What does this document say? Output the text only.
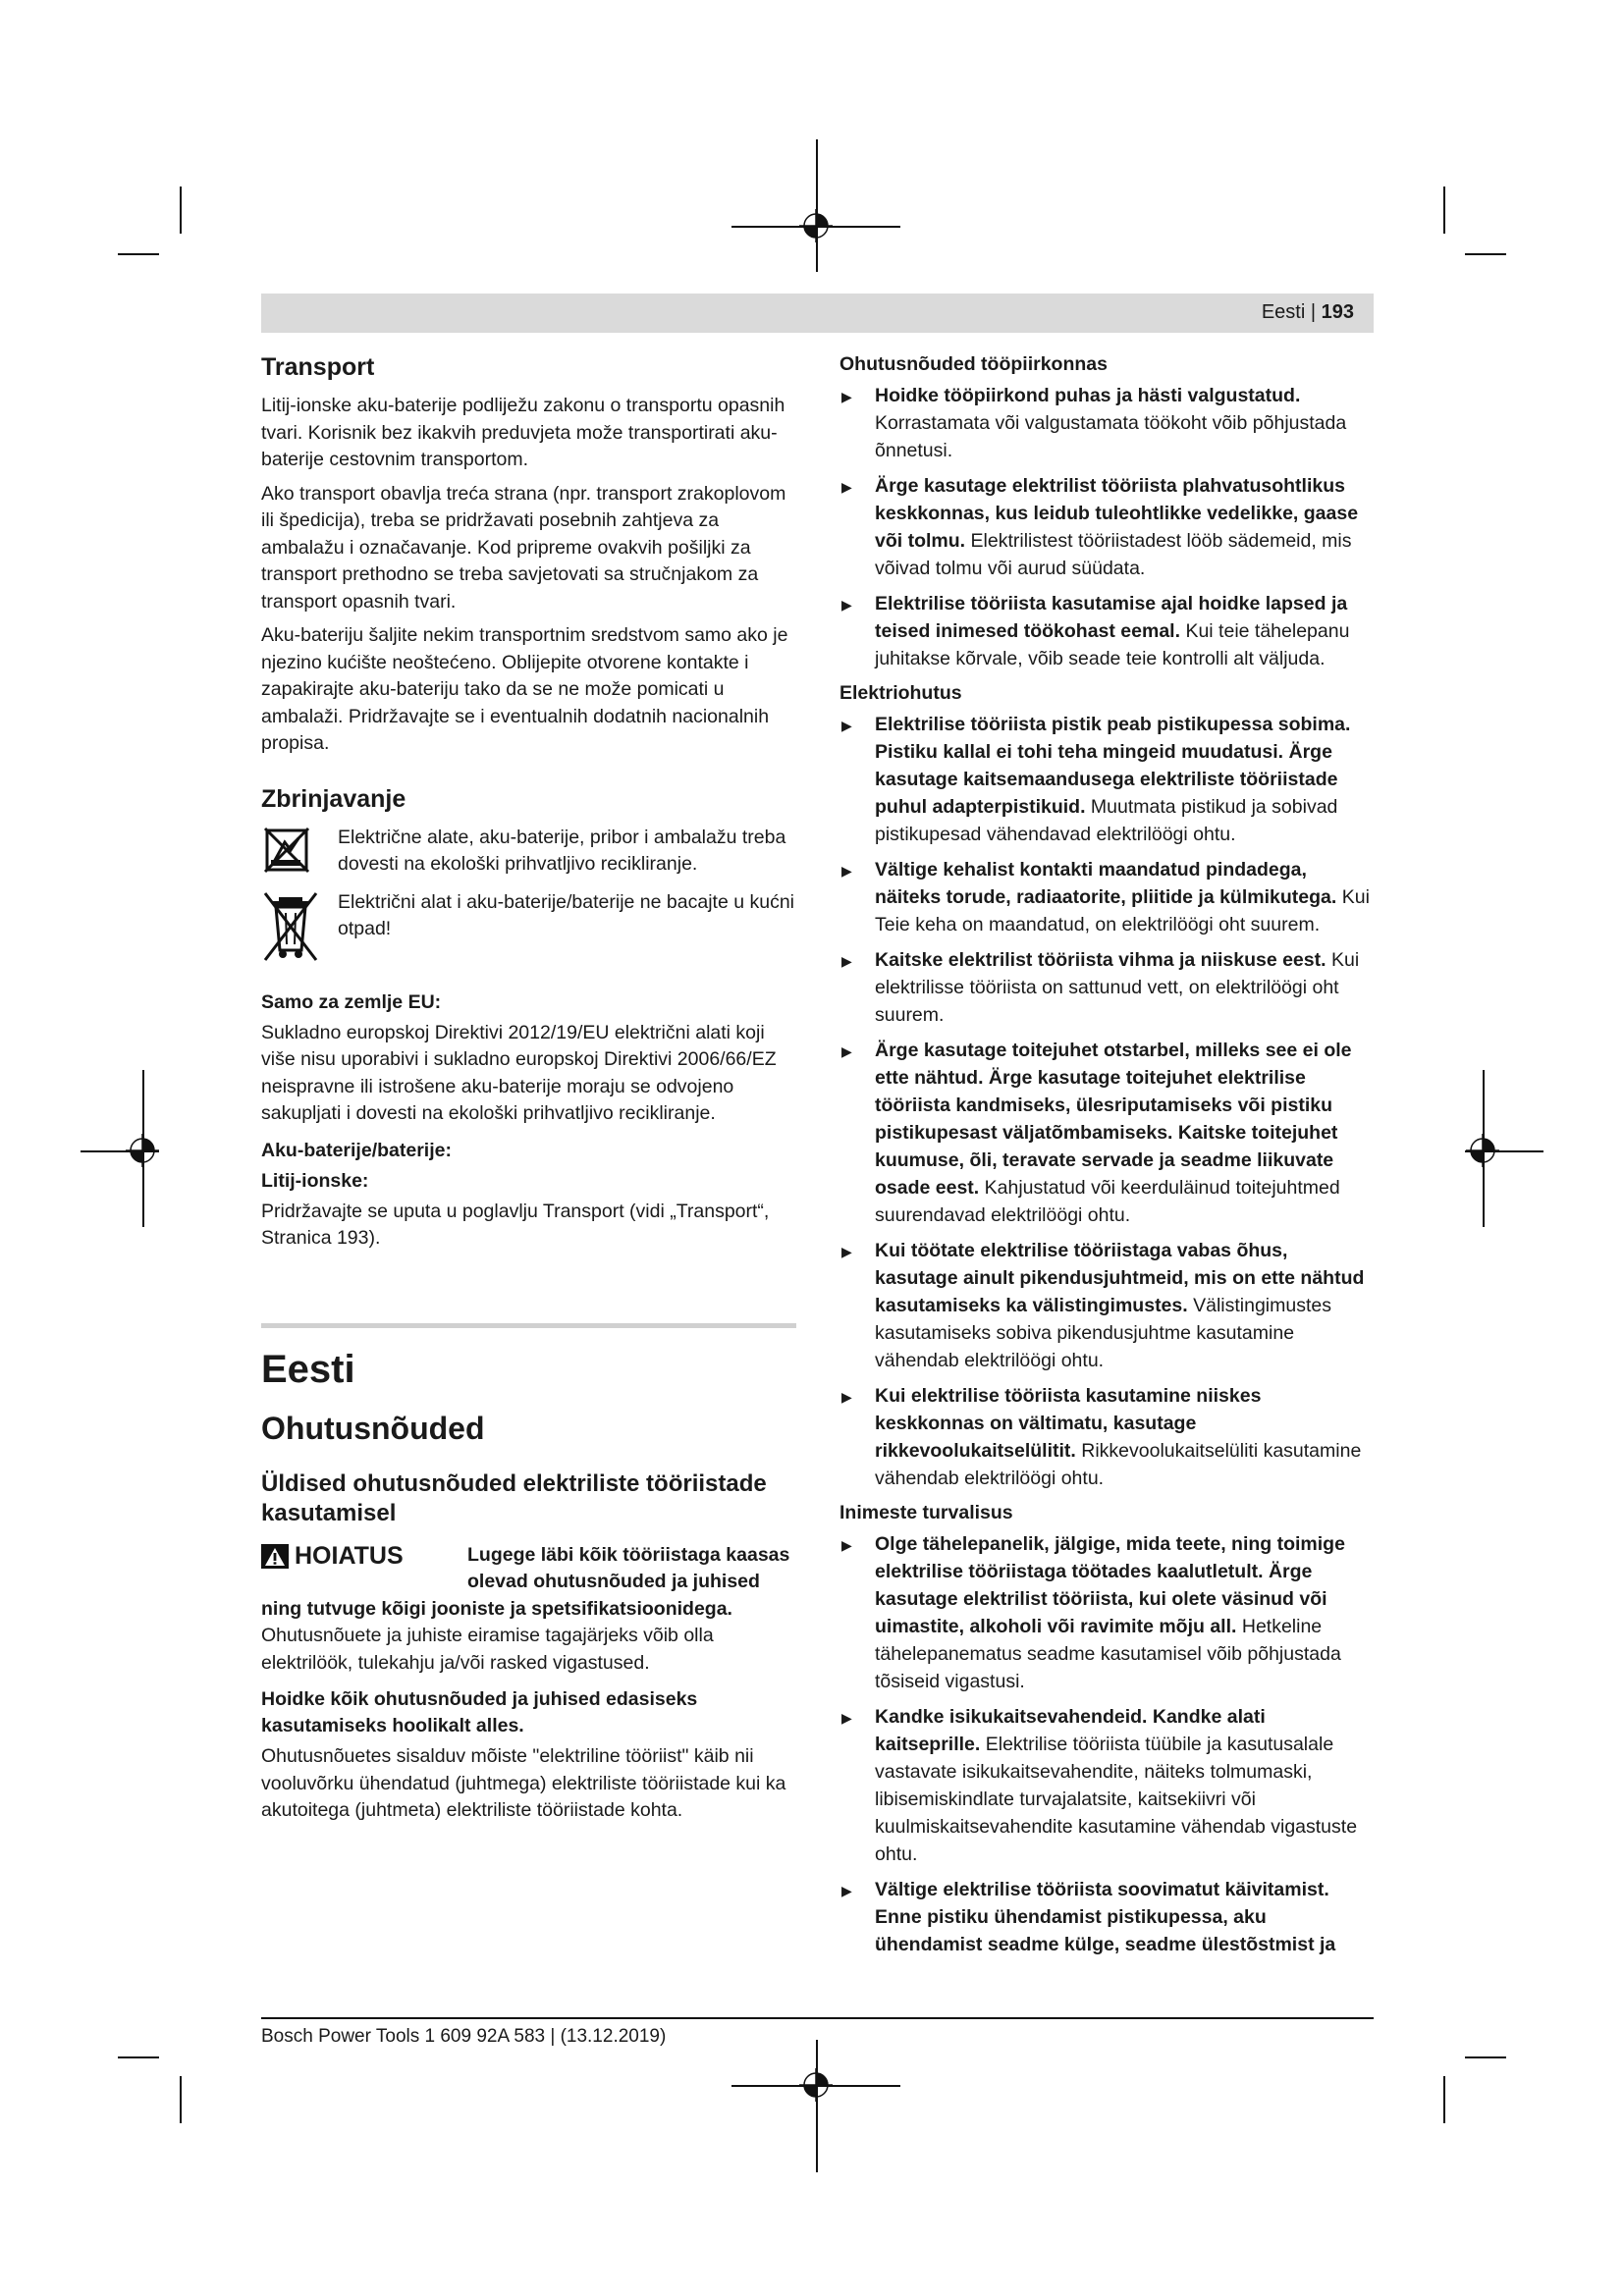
Eesti | 193
Transport

Litij-ionske aku-baterije podliježu zakonu o transportu opasnih tvari. Korisnik bez ikakvih preduvjeta može transportirati aku-baterije cestovnim transportom.

Ako transport obavlja treća strana (npr. transport zrakoplovom ili špedicija), treba se pridržavati posebnih zahtjeva za ambalažu i označavanje. Kod pripreme ovakvih pošiljki za transport prethodno se treba savjetovati sa stručnjakom za transport opasnih tvari.

Aku-bateriju šaljite nekim transportnim sredstvom samo ako je njezino kućište neoštećeno. Oblijepite otvorene kontakte i zapakirajte aku-bateriju tako da se ne može pomicati u ambalaži. Pridržavajte se i eventualnih dodatnih nacionalnih propisa.

Zbrinjavanje

Električne alate, aku-baterije, pribor i ambalažu treba dovesti na ekološki prihvatljivo recikliranje.

Električni alat i aku-baterije/baterije ne bacajte u kućni otpad!

Samo za zemlje EU:

Sukladno europskoj Direktivi 2012/19/EU električni alati koji više nisu uporabivi i sukladno europskoj Direktivi 2006/66/EZ neispravne ili istrošene aku-baterije moraju se odvojeno sakupljati i dovesti na ekološki prihvatljivo recikliranje.

Aku-baterije/baterije:
Litij-ionske:

Pridržavajte se uputa u poglavlju Transport (vidi „Transport“, Stranica 193).

Eesti
Ohutusnõuded
Üldised ohutusnõuded elektriliste tööriistade kasutamisel
HOIATUS	Lugege läbi kõik tööriistaga kaasas olevad ohutusnõuded ja juhised
ning tutvuge kõigi jooniste ja spetsifikatsioonidega.

Ohutusnõuete ja juhiste eiramise tagajärjeks võib olla elektrilöök, tulekahju ja/või rasked vigastused.

Hoidke kõik ohutusnõuded ja juhised edasiseks kasutamiseks hoolikalt alles.

Ohutusnõuetes sisalduv mõiste "elektriline tööriist" käib nii vooluvõrku ühendatud (juhtmega) elektriliste tööriistade kui ka akutoitega (juhtmeta) elektriliste tööriistade kohta.

Ohutusnõuded tööpiirkonnas
▶ Hoidke tööpiirkond puhas ja hästi valgustatud. Korrastamata või valgustamata töökoht võib põhjustada õnnetusi.
▶ Ärge kasutage elektrilist tööriista plahvatusohtlikus keskkonnas, kus leidub tuleohtlikke vedelikke, gaase või tolmu. Elektrilistest tööriistadest lööb sädemeid, mis võivad tolmu või aurud süüdata.
▶ Elektrilise tööriista kasutamise ajal hoidke lapsed ja teised inimesed töökohast eemal. Kui teie tähelepanu juhitakse kõrvale, võib seade teie kontrolli alt väljuda.
Elektriohutus
▶ Elektrilise tööriista pistik peab pistikupessa sobima. Pistiku kallal ei tohi teha mingeid muudatusi. Ärge kasutage kaitsemaandusega elektriliste tööriistade puhul adapterpistikuid. Muutmata pistikud ja sobivad pistikupesad vähendavad elektrilöögi ohtu.
▶ Vältige kehalist kontakti maandatud pindadega, näiteks torude, radiaatorite, pliitide ja külmikutega. Kui Teie keha on maandatud, on elektrilöögi oht suurem.
▶ Kaitske elektrilist tööriista vihma ja niiskuse eest. Kui elektrilisse tööriista on sattunud vett, on elektrilöögi oht suurem.
▶ Ärge kasutage toitejuhet otstarbel, milleks see ei ole ette nähtud. Ärge kasutage toitejuhet elektrilise tööriista kandmiseks, ülesriputamiseks või pistiku pistikupesast väljatõmbamiseks. Kaitske toitejuhet kuumuse, õli, teravate servade ja seadme liikuvate osade eest. Kahjustatud või keerduläinud toitejuhtmed suurendavad elektrilöögi ohtu.
▶ Kui töötate elektrilise tööriistaga vabas õhus, kasutage ainult pikendusjuhtmeid, mis on ette nähtud kasutamiseks ka välistingimustes. Välistingimustes kasutamiseks sobiva pikendusjuhtme kasutamine vähendab elektrilöögi ohtu.
▶ Kui elektrilise tööriista kasutamine niiskes keskkonnas on vältimatu, kasutage rikkevoolukaitselülitit. Rikkevoolukaitselüliti kasutamine vähendab elektrilöögi ohtu.
Inimeste turvalisus
▶ Olge tähelepanelik, jälgige, mida teete, ning toimige elektrilise tööriistaga töötades kaalutletult. Ärge kasutage elektrilist tööriista, kui olete väsinud või uimastite, alkoholi või ravimite mõju all. Hetkeline tähelepanematus seadme kasutamisel võib põhjustada tõsiseid vigastusi.
▶ Kandke isikukaitsevahendeid. Kandke alati kaitseprille. Elektrilise tööriista tüübile ja kasutusalale vastavate isikukaitsevahendite, näiteks tolmumaski, libisemiskindlate turvajalatsite, kaitsekiivri või kuulmiskaitsevahendite kasutamine vähendab vigastuste ohtu.
▶ Vältige elektrilise tööriista soovimatut käivitamist. Enne pistiku ühendamist pistikupessa, aku ühendamist seadme külge, seadme ülestõstmist ja
Bosch Power Tools 1 609 92A 583 | (13.12.2019)
